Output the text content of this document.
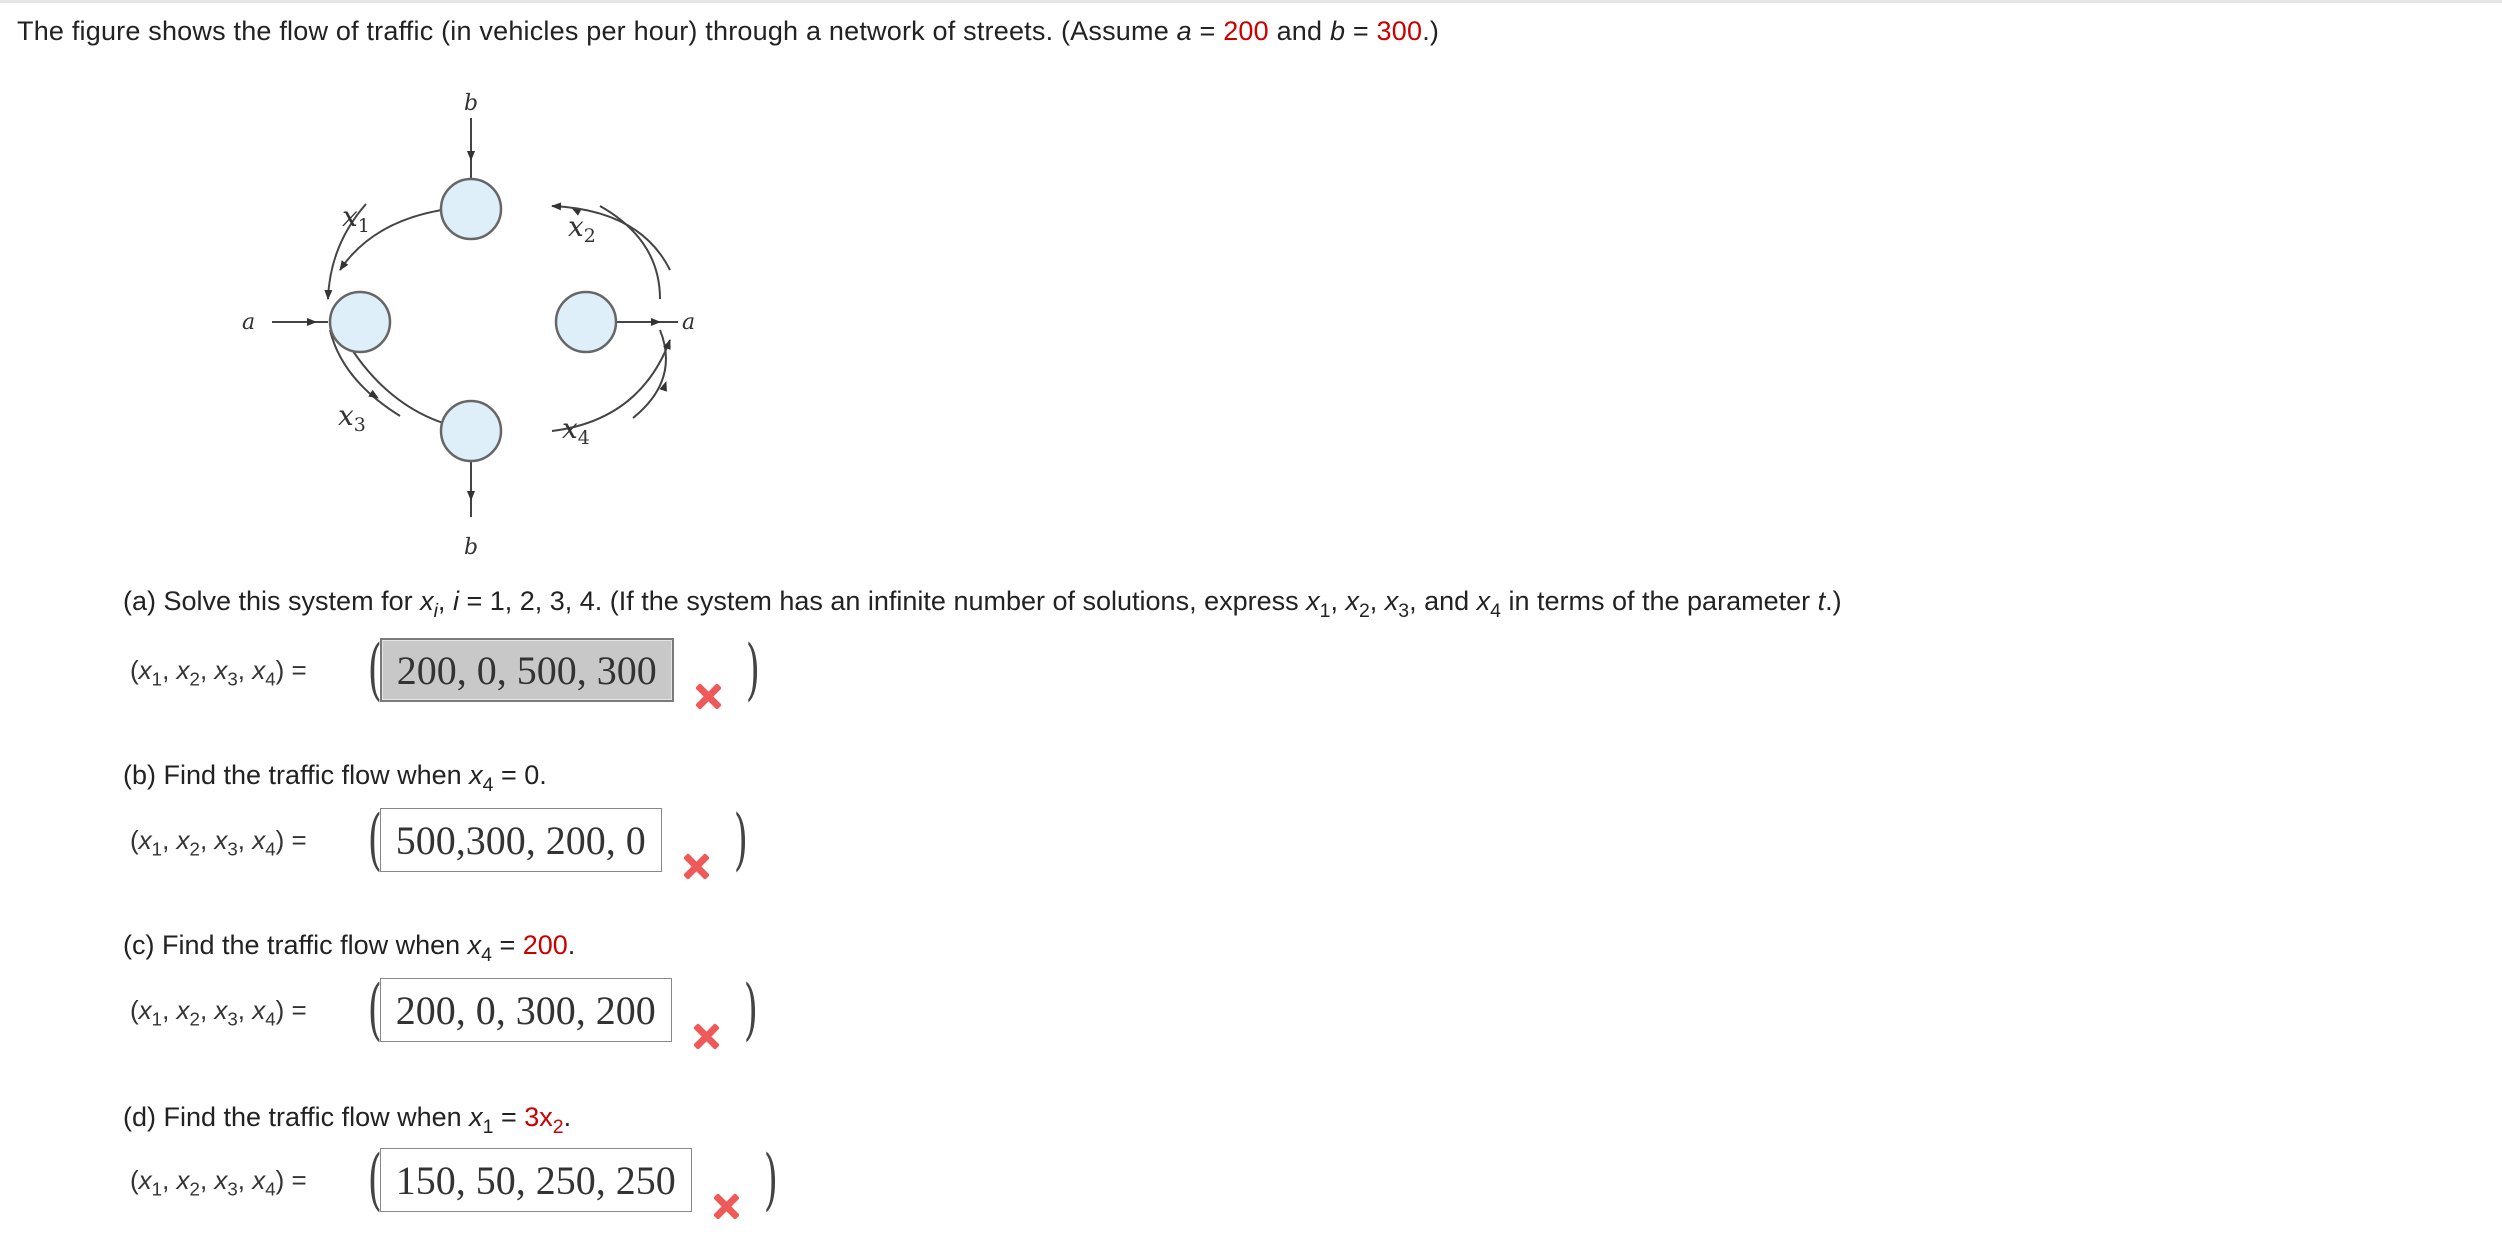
The figure shows the flow of traffic (in vehicles per hour) through a network of streets. (Assume a = 200 and b = 300.)
b
b
a	a
$x_1$	$x_2$
$x_3$	$x_4$
(a) Solve this system for $x_i$, i = 1, 2, 3, 4. (If the system has an infinite number of solutions, express $x_1$, $x_2$, $x_3$, and $x_4$ in terms of the parameter t.)
($x_1$, $x_2$, $x_3$, $x_4$) = ( 200, 0, 500, 300 )
(b) Find the traffic flow when $x_4 = 0$.
($x_1$, $x_2$, $x_3$, $x_4$) = ( 500,300, 200, 0 )
(c) Find the traffic flow when $x_4 = 200$.
($x_1$, $x_2$, $x_3$, $x_4$) = ( 200, 0, 300, 200 )
(d) Find the traffic flow when $x_1 = 3x_2$.
($x_1$, $x_2$, $x_3$, $x_4$) = ( 150, 50, 250, 250 )
